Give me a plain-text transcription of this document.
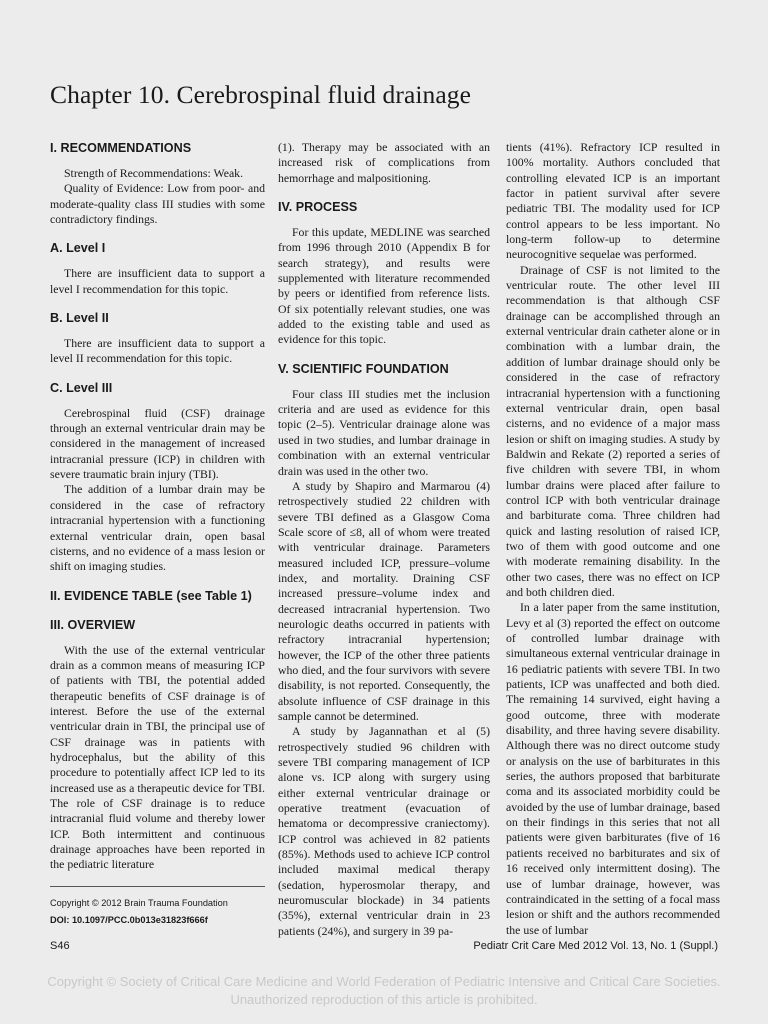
Chapter 10. Cerebrospinal fluid drainage
I. RECOMMENDATIONS

Strength of Recommendations: Weak.

Quality of Evidence: Low from poor- and moderate-quality class III studies with some contradictory findings.

A. Level I

There are insufficient data to support a level I recommendation for this topic.

B. Level II

There are insufficient data to support a level II recommendation for this topic.

C. Level III

Cerebrospinal fluid (CSF) drainage through an external ventricular drain may be considered in the management of increased intracranial pressure (ICP) in children with severe traumatic brain injury (TBI).

The addition of a lumbar drain may be considered in the case of refractory intracranial hypertension with a functioning external ventricular drain, open basal cisterns, and no evidence of a mass lesion or shift on imaging studies.

II. EVIDENCE TABLE (see Table 1)
III. OVERVIEW

With the use of the external ventricular drain as a common means of measuring ICP of patients with TBI, the potential added therapeutic benefits of CSF drainage is of interest. Before the use of the external ventricular drain in TBI, the principal use of CSF drainage was in patients with hydrocephalus, but the ability of this procedure to potentially affect ICP led to its increased use as a therapeutic device for TBI. The role of CSF drainage is to reduce intracranial fluid volume and thereby lower ICP. Both intermittent and continuous drainage approaches have been reported in the pediatric literature

(1). Therapy may be associated with an increased risk of complications from hemorrhage and malpositioning.

IV. PROCESS

For this update, MEDLINE was searched from 1996 through 2010 (Appendix B for search strategy), and results were supplemented with literature recommended by peers or identified from reference lists. Of six potentially relevant studies, one was added to the existing table and used as evidence for this topic.

V. SCIENTIFIC FOUNDATION

Four class III studies met the inclusion criteria and are used as evidence for this topic (2–5). Ventricular drainage alone was used in two studies, and lumbar drainage in combination with an external ventricular drain was used in the other two.

A study by Shapiro and Marmarou (4) retrospectively studied 22 children with severe TBI defined as a Glasgow Coma Scale score of ≤8, all of whom were treated with ventricular drainage. Parameters measured included ICP, pressure–volume index, and mortality. Draining CSF increased pressure–volume index and decreased intracranial hypertension. Two neurologic deaths occurred in patients with refractory intracranial hypertension; however, the ICP of the other three patients who died, and the four survivors with severe disability, is not reported. Consequently, the absolute influence of CSF drainage in this sample cannot be determined.

A study by Jagannathan et al (5) retrospectively studied 96 children with severe TBI comparing management of ICP alone vs. ICP along with surgery using either external ventricular drainage or operative treatment (evacuation of hematoma or decompressive craniectomy). ICP control was achieved in 82 patients (85%). Methods used to achieve ICP control included maximal medical therapy (sedation, hyperosmolar therapy, and neuromuscular blockade) in 34 patients (35%), external ventricular drain in 23 patients (24%), and surgery in 39 pa-

tients (41%). Refractory ICP resulted in 100% mortality. Authors concluded that controlling elevated ICP is an important factor in patient survival after severe pediatric TBI. The modality used for ICP control appears to be less important. No long-term follow-up to determine neurocognitive sequelae was performed.

Drainage of CSF is not limited to the ventricular route. The other level III recommendation is that although CSF drainage can be accomplished through an external ventricular drain catheter alone or in combination with a lumbar drain, the addition of lumbar drainage should only be considered in the case of refractory intracranial hypertension with a functioning external ventricular drain, open basal cisterns, and no evidence of a major mass lesion or shift on imaging studies. A study by Baldwin and Rekate (2) reported a series of five children with severe TBI, in whom lumbar drains were placed after failure to control ICP with both ventricular drainage and barbiturate coma. Three children had quick and lasting resolution of raised ICP, two of them with good outcome and one with moderate remaining disability. In the other two cases, there was no effect on ICP and both children died.

In a later paper from the same institution, Levy et al (3) reported the effect on outcome of controlled lumbar drainage with simultaneous external ventricular drainage in 16 pediatric patients with severe TBI. In two patients, ICP was unaffected and both died. The remaining 14 survived, eight having a good outcome, three with moderate disability, and three having severe disability. Although there was no direct outcome study or analysis on the use of barbiturates in this series, the authors proposed that barbiturate coma and its associated morbidity could be avoided by the use of lumbar drainage, based on their findings in this series that not all patients were given barbiturates (five of 16 patients received no barbiturates and six of 16 received only intermittent dosing). The use of lumbar drainage, however, was contraindicated in the setting of a focal mass lesion or shift and the authors recommended the use of lumbar

Copyright © 2012 Brain Trauma Foundation
DOI: 10.1097/PCC.0b013e31823f666f
S46	Pediatr Crit Care Med 2012 Vol. 13, No. 1 (Suppl.)
Copyright © Society of Critical Care Medicine and World Federation of Pediatric Intensive and Critical Care Societies.
Unauthorized reproduction of this article is prohibited.
